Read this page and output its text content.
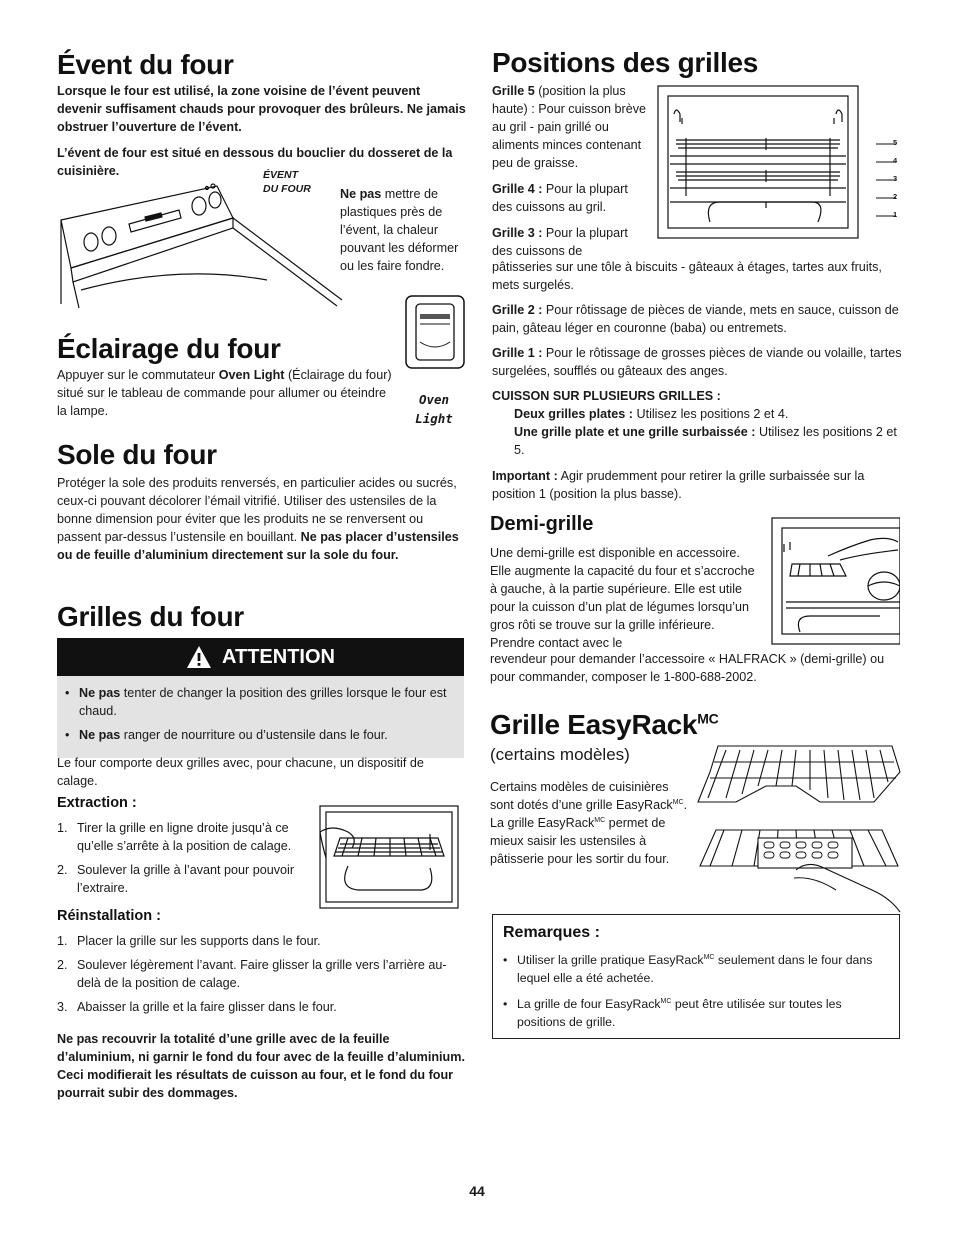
Évent du four

Lorsque le four est utilisé, la zone voisine de l’évent peuvent devenir suffisament chauds pour provoquer des brûleurs. Ne jamais obstruer l’ouverture de l’évent.

L’évent de four est situé en dessous du bouclier du dosseret de la cuisinière.	ÉVENT
DU FOUR Ne pas mettre de plastiques près de l’évent, la chaleur pouvant les déformer ou les faire fondre.
Éclairage du four

Appuyer sur le commutateur Oven Light (Éclairage du four) situé sur le tableau de commande pour allumer ou éteindre la lampe.

Oven
Light
Sole du four

Protéger la sole des produits renversés, en particulier acides ou sucrés, ceux-ci pouvant décolorer l’émail vitrifié. Utiliser des ustensiles de la bonne dimension pour éviter que les produits ne se renversent ou passent par-dessus l’ustensile en bouillant. Ne pas placer d’ustensiles ou de feuille d’aluminium directement sur la sole du four.

Grilles du four
ATTENTION
• Ne pas tenter de changer la position des grilles lorsque le four est chaud.
• Ne pas ranger de nourriture ou d’ustensile dans le four.
Le four comporte deux grilles avec, pour chacune, un dispositif de calage.
Extraction :
1. Tirer la grille en ligne droite jusqu’à ce qu’elle s’arrête à la position de calage.
2. Soulever la grille à l’avant pour pouvoir l’extraire.
Réinstallation :
1. Placer la grille sur les supports dans le four.
2. Soulever légèrement l’avant. Faire glisser la grille vers l’arrière au-delà de la position de calage.
3. Abaisser la grille et la faire glisser dans le four.
Ne pas recouvrir la totalité d’une grille avec de la feuille d’aluminium, ni garnir le fond du four avec de la feuille d’aluminium. Ceci modifierait les résultats de cuisson au four, et le fond du four pourrait subir des dommages.
Positions des grilles

Grille 5 (position la plus haute) : Pour cuisson brève au gril - pain grillé ou aliments minces contenant peu de graisse.

Grille 4 : Pour la plupart des cuissons au gril.

Grille 3 : Pour la plupart des cuissons de

5
4
3
2
1

pâtisseries sur une tôle à biscuits - gâteaux à étages, tartes aux fruits, mets surgelés.

Grille 2 : Pour rôtissage de pièces de viande, mets en sauce, cuisson de pain, gâteau léger en couronne (baba) ou entremets.

Grille 1 : Pour le rôtissage de grosses pièces de viande ou volaille, tartes surgelées, soufflés ou gâteaux des anges.

CUISSON SUR PLUSIEURS GRILLES :

Deux grilles plates : Utilisez les positions 2 et 4.

Une grille plate et une grille surbaissée : Utilisez les positions 2 et 5.

Important : Agir prudemment pour retirer la grille surbaissée sur la position 1 (position la plus basse).

Demi-grille

Une demi-grille est disponible en accessoire. Elle augmente la capacité du four et s’accroche à gauche, à la partie supérieure. Elle est utile pour la cuisson d’un plat de légumes lorsqu’un gros rôti se trouve sur la grille inférieure. Prendre contact avec le

revendeur pour demander l’accessoire « HALFRACK » (demi-grille) ou pour commander, composer le 1-800-688-2002.
Grille EasyRack$^{MC}$

(certains modèles)

Certains modèles de cuisinières sont dotés d’une grille EasyRack$^{MC}$. La grille EasyRack$^{MC}$ permet de mieux saisir les ustensiles à pâtisserie pour les sortir du four.

Remarques :
• Utiliser la grille pratique EasyRack$^{MC}$ seulement dans le four dans lequel elle a été achetée.
• La grille de four EasyRack$^{MC}$ peut être utilisée sur toutes les positions de grille.
44
